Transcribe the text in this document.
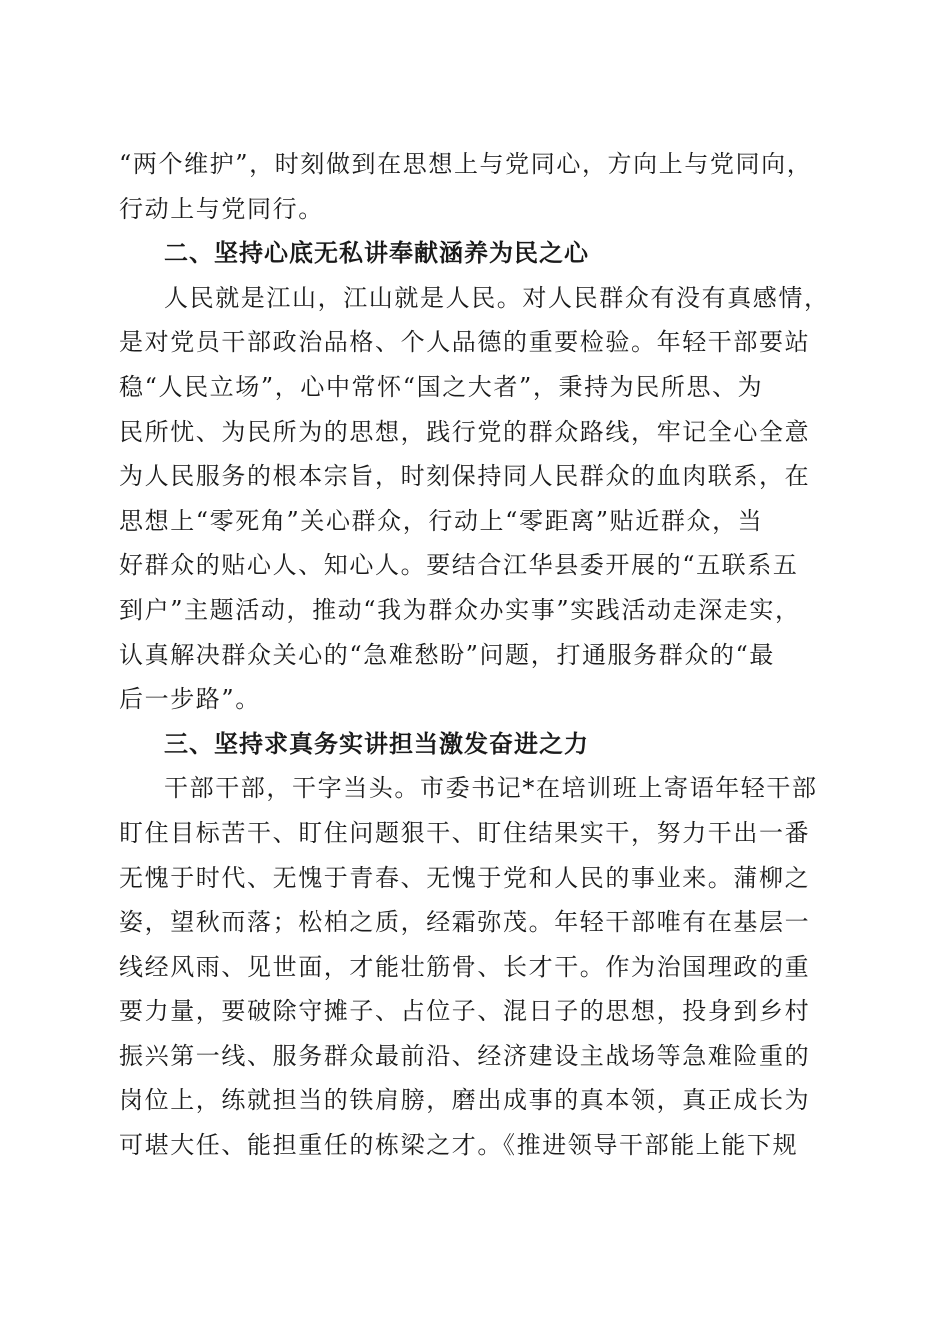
“两个维护”，时刻做到在思想上与党同心，方向上与党同向，
行动上与党同行。
二、坚持心底无私讲奉献涵养为民之心
人民就是江山，江山就是人民。对人民群众有没有真感情，
是对党员干部政治品格、个人品德的重要检验。年轻干部要站
稳“人民立场”，心中常怀“国之大者”，秉持为民所思、为
民所忧、为民所为的思想，践行党的群众路线，牢记全心全意
为人民服务的根本宗旨，时刻保持同人民群众的血肉联系，在
思想上“零死角”关心群众，行动上“零距离”贴近群众，当
好群众的贴心人、知心人。要结合江华县委开展的“五联系五
到户”主题活动，推动“我为群众办实事”实践活动走深走实，
认真解决群众关心的“急难愁盼”问题，打通服务群众的“最
后一步路”。
三、坚持求真务实讲担当激发奋进之力
干部干部，干字当头。市委书记*在培训班上寄语年轻干部
盯住目标苦干、盯住问题狠干、盯住结果实干，努力干出一番
无愧于时代、无愧于青春、无愧于党和人民的事业来。蒲柳之
姿，望秋而落；松柏之质，经霜弥茂。年轻干部唯有在基层一
线经风雨、见世面，才能壮筋骨、长才干。作为治国理政的重
要力量，要破除守摊子、占位子、混日子的思想，投身到乡村
振兴第一线、服务群众最前沿、经济建设主战场等急难险重的
岗位上，练就担当的铁肩膀，磨出成事的真本领，真正成长为
可堪大任、能担重任的栋梁之才。《推进领导干部能上能下规
